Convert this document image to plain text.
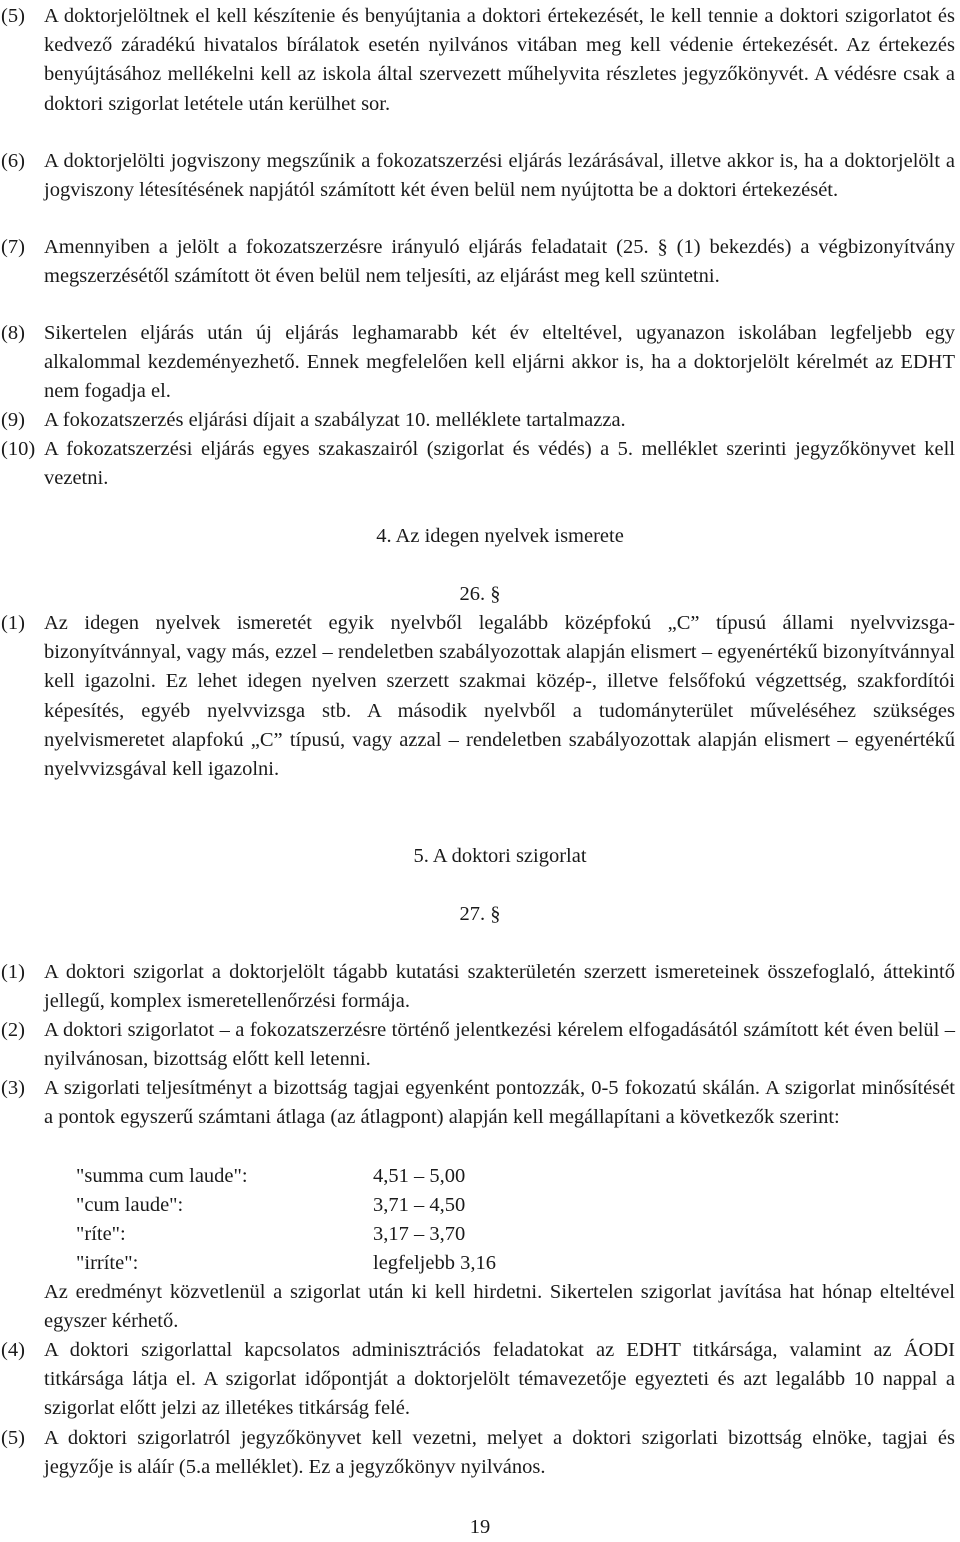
(5) A doktorjelöltnek el kell készítenie és benyújtania a doktori értekezését, le kell tennie a doktori szigorlatot és kedvező záradékú hivatalos bírálatok esetén nyilvános vitában meg kell védenie értekezését. Az értekezés benyújtásához mellékelni kell az iskola által szervezett műhelyvita részletes jegyzőkönyvét. A védésre csak a doktori szigorlat letétele után kerülhet sor.
(6) A doktorjelölti jogviszony megszűnik a fokozatszerzési eljárás lezárásával, illetve akkor is, ha a doktorjelölt a jogviszony létesítésének napjától számított két éven belül nem nyújtotta be a doktori értekezését.
(7) Amennyiben a jelölt a fokozatszerzésre irányuló eljárás feladatait (25. § (1) bekezdés) a végbizonyítvány megszerzésétől számított öt éven belül nem teljesíti, az eljárást meg kell szüntetni.
(8) Sikertelen eljárás után új eljárás leghamarabb két év elteltével, ugyanazon iskolában legfeljebb egy alkalommal kezdeményezhető. Ennek megfelelően kell eljárni akkor is, ha a doktorjelölt kérelmét az EDHT nem fogadja el.
(9) A fokozatszerzés eljárási díjait a szabályzat 10. melléklete tartalmazza.
(10) A fokozatszerzési eljárás egyes szakaszairól (szigorlat és védés) a 5. melléklet szerinti jegyzőkönyvet kell vezetni.
4. Az idegen nyelvek ismerete
26. §
(1) Az idegen nyelvek ismeretét egyik nyelvből legalább középfokú „C” típusú állami nyelvvizsga-bizonyítvánnyal, vagy más, ezzel – rendeletben szabályozottak alapján elismert – egyenértékű bizonyítvánnyal kell igazolni. Ez lehet idegen nyelven szerzett szakmai közép-, illetve felsőfokú végzettség, szakfordítói képesítés, egyéb nyelvvizsga stb. A második nyelvből a tudományterület műveléséhez szükséges nyelvismeretet alapfokú „C” típusú, vagy azzal – rendeletben szabályozottak alapján elismert – egyenértékű nyelvvizsgával kell igazolni.
5. A doktori szigorlat
27. §
(1) A doktori szigorlat a doktorjelölt tágabb kutatási szakterületén szerzett ismereteinek összefoglaló, áttekintő jellegű, komplex ismeretellenőrzési formája.
(2) A doktori szigorlatot – a fokozatszerzésre történő jelentkezési kérelem elfogadásától számított két éven belül – nyilvánosan, bizottság előtt kell letenni.
(3) A szigorlati teljesítményt a bizottság tagjai egyenként pontozzák, 0-5 fokozatú skálán. A szigorlat minősítését a pontok egyszerű számtani átlaga (az átlagpont) alapján kell megállapítani a következők szerint:
"summa cum laude":	4,51 – 5,00
"cum laude":	3,71 – 4,50
"ríte":	3,17 – 3,70
"irríte":	legfeljebb 3,16
Az eredményt közvetlenül a szigorlat után ki kell hirdetni. Sikertelen szigorlat javítása hat hónap elteltével egyszer kérhető.
(4) A doktori szigorlattal kapcsolatos adminisztrációs feladatokat az EDHT titkársága, valamint az ÁODI titkársága látja el. A szigorlat időpontját a doktorjelölt témavezetője egyezteti és azt legalább 10 nappal a szigorlat előtt jelzi az illetékes titkárság felé.
(5) A doktori szigorlatról jegyzőkönyvet kell vezetni, melyet a doktori szigorlati bizottság elnöke, tagjai és jegyzője is aláír (5.a melléklet). Ez a jegyzőkönyv nyilvános.
19
